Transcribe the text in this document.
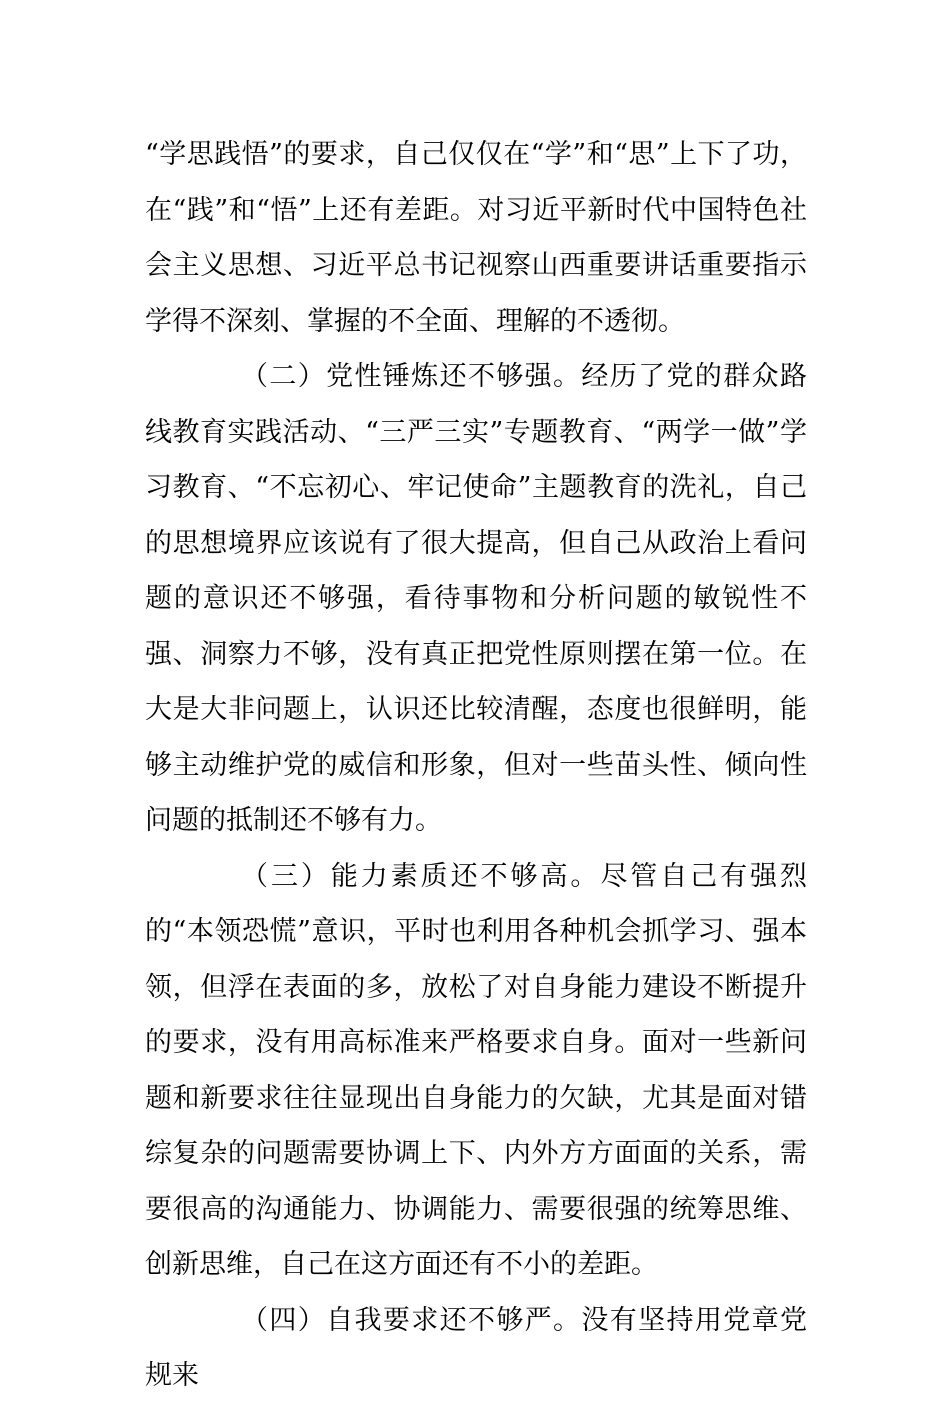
“学思践悟”的要求，自己仅仅在“学”和“思”上下了功，在“践”和“悟”上还有差距。对习近平新时代中国特色社会主义思想、习近平总书记视察山西重要讲话重要指示学得不深刻、掌握的不全面、理解的不透彻。

（二）党性锤炼还不够强。经历了党的群众路线教育实践活动、“三严三实”专题教育、“两学一做”学习教育、“不忘初心、牢记使命”主题教育的洗礼，自己的思想境界应该说有了很大提高，但自己从政治上看问题的意识还不够强，看待事物和分析问题的敏锐性不强、洞察力不够，没有真正把党性原则摆在第一位。在大是大非问题上，认识还比较清醒，态度也很鲜明，能够主动维护党的威信和形象，但对一些苗头性、倾向性问题的抵制还不够有力。

（三）能力素质还不够高。尽管自己有强烈的“本领恐慌”意识，平时也利用各种机会抓学习、强本领，但浮在表面的多，放松了对自身能力建设不断提升的要求，没有用高标准来严格要求自身。面对一些新问题和新要求往往显现出自身能力的欠缺，尤其是面对错综复杂的问题需要协调上下、内外方方面面的关系，需要很高的沟通能力、协调能力、需要很强的统筹思维、创新思维，自己在这方面还有不小的差距。

（四）自我要求还不够严。没有坚持用党章党规来
